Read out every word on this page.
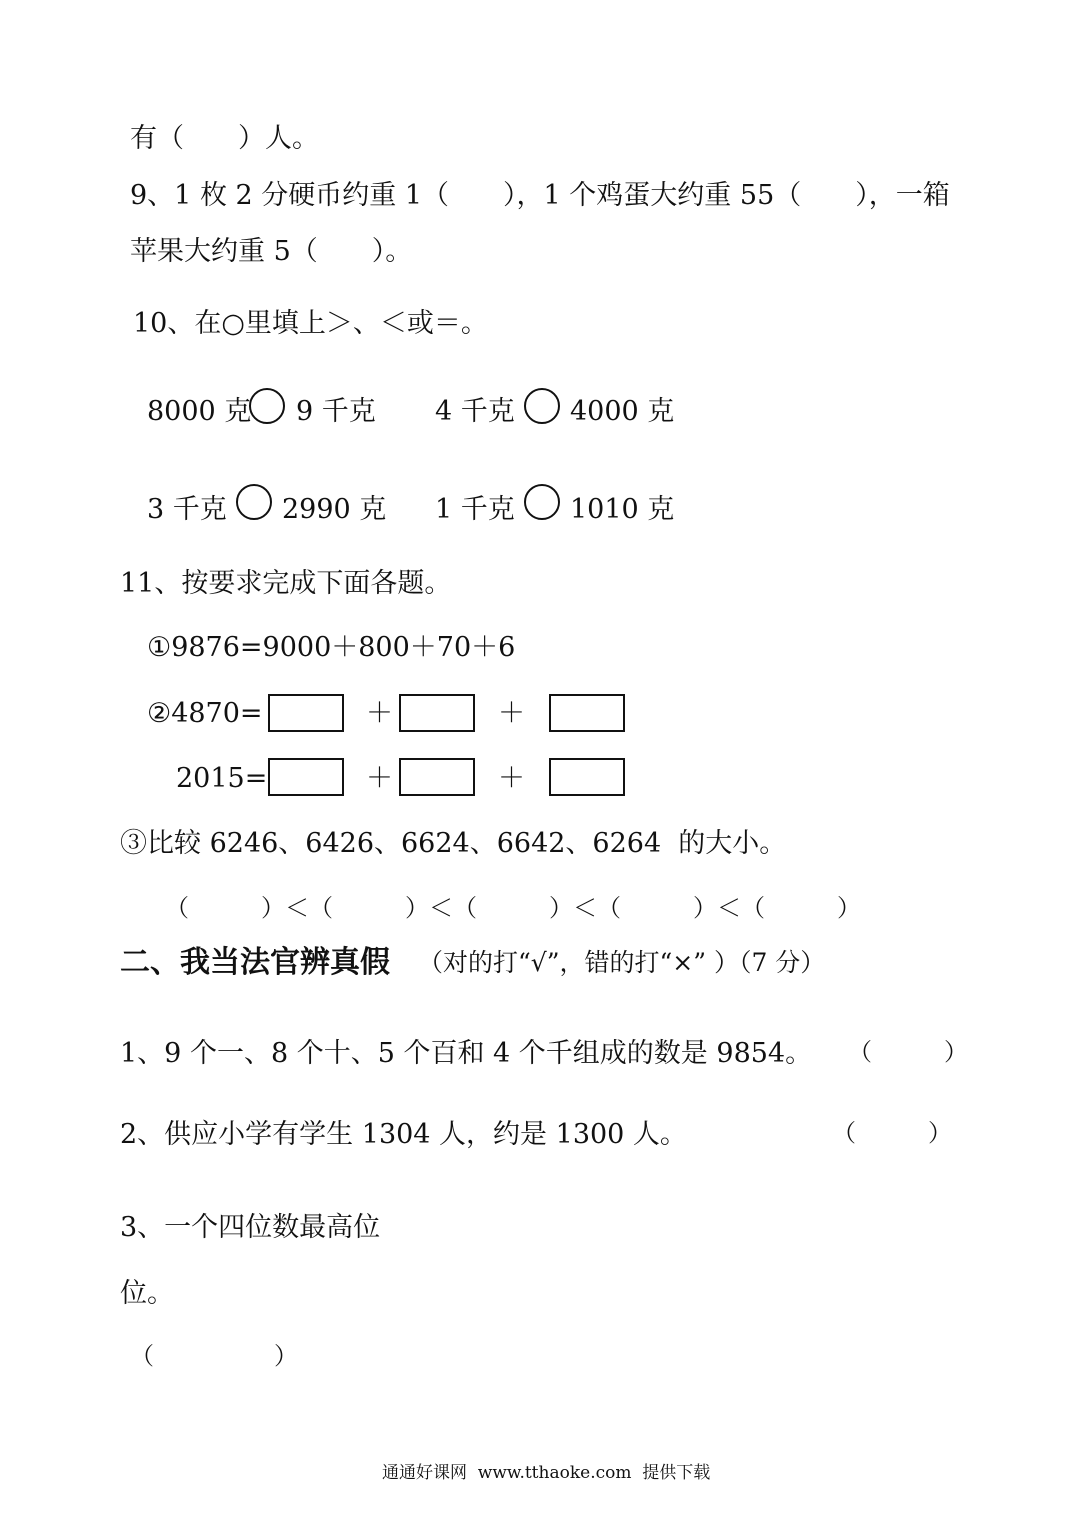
有（　　）人。
9、1 枚 2 分硬币约重 1（　　），1 个鸡蛋大约重 55（　　），一箱
苹果大约重 5（　　）。
10、在○里填上＞、＜或＝。
8000 克 9 千克 4 千克 4000 克
3 千克 2990 克 1 千克 1010 克
11、按要求完成下面各题。
①9876=9000＋800＋70＋6
②4870=	＋	＋
2015=	＋	＋
③比较 6246、6426、6624、6642、6264  的大小。
（　　　）＜（　　　）＜（　　　）＜（　　　）＜（　　　）
二、我当法官辨真假 （对的打“√”，错的打“×” ）（7 分）
1、9 个一、8 个十、5 个百和 4 个千组成的数是 9854。 （　　　）
2、供应小学有学生 1304 人，约是 1300 人。	（　　　）
3、一个四位数最高位
位。
（　　　　　）
通通好课网  www.tthaoke.com  提供下载
